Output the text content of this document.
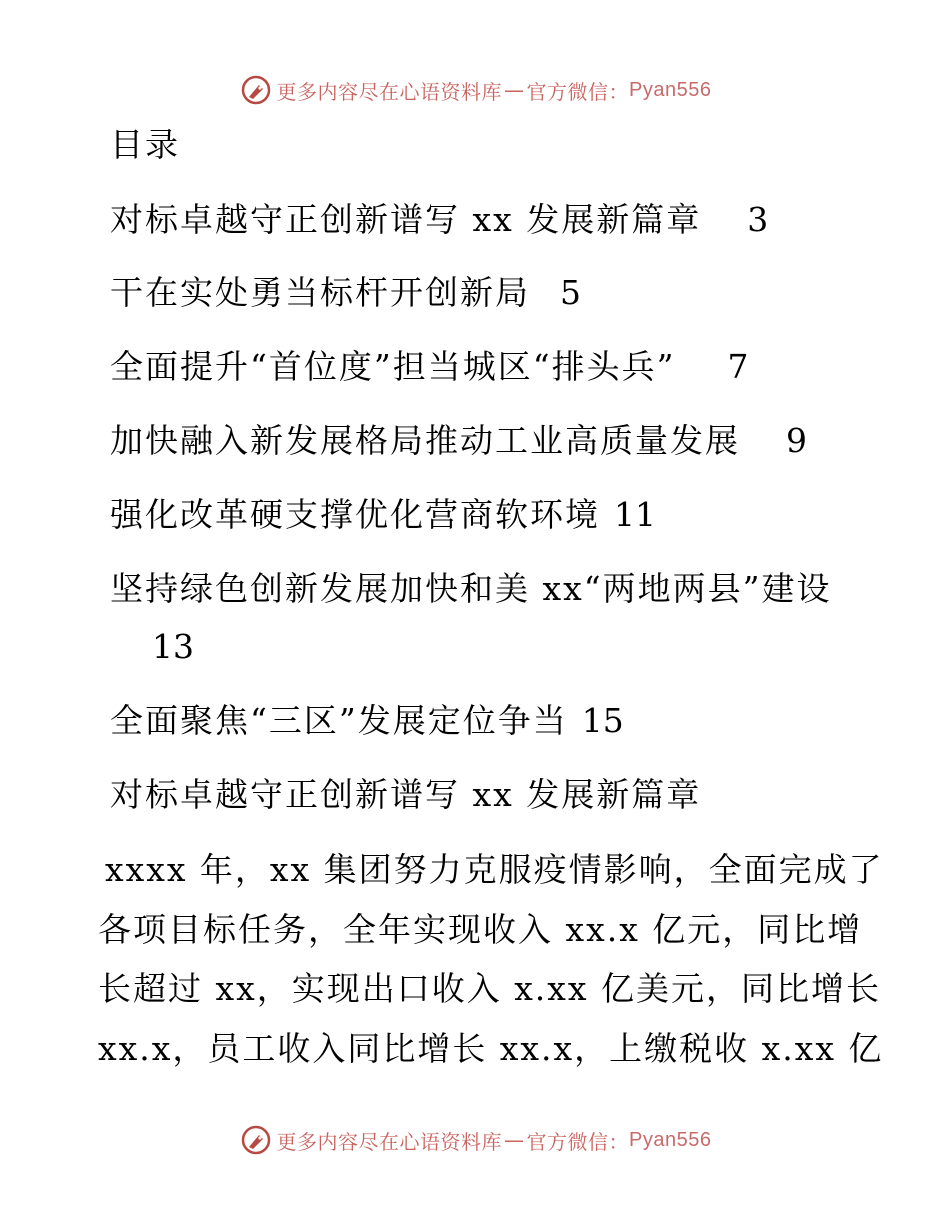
更多内容尽在心语资料库 — 官方微信： Pyan556
目录
对标卓越守正创新谱写 xx 发展新篇章 3
干在实处勇当标杆开创新局 5
全面提升“首位度”担当城区“排头兵” 7
加快融入新发展格局推动工业高质量发展 9
强化改革硬支撑优化营商软环境 11
坚持绿色创新发展加快和美 xx“两地两县”建设
13
全面聚焦“三区”发展定位争当 15
对标卓越守正创新谱写 xx 发展新篇章
xxxx 年，xx 集团努力克服疫情影响，全面完成了
各项目标任务，全年实现收入 xx.x 亿元，同比增
长超过 xx，实现出口收入 x.xx 亿美元，同比增长
xx.x，员工收入同比增长 xx.x，上缴税收 x.xx 亿
更多内容尽在心语资料库 — 官方微信： Pyan556
